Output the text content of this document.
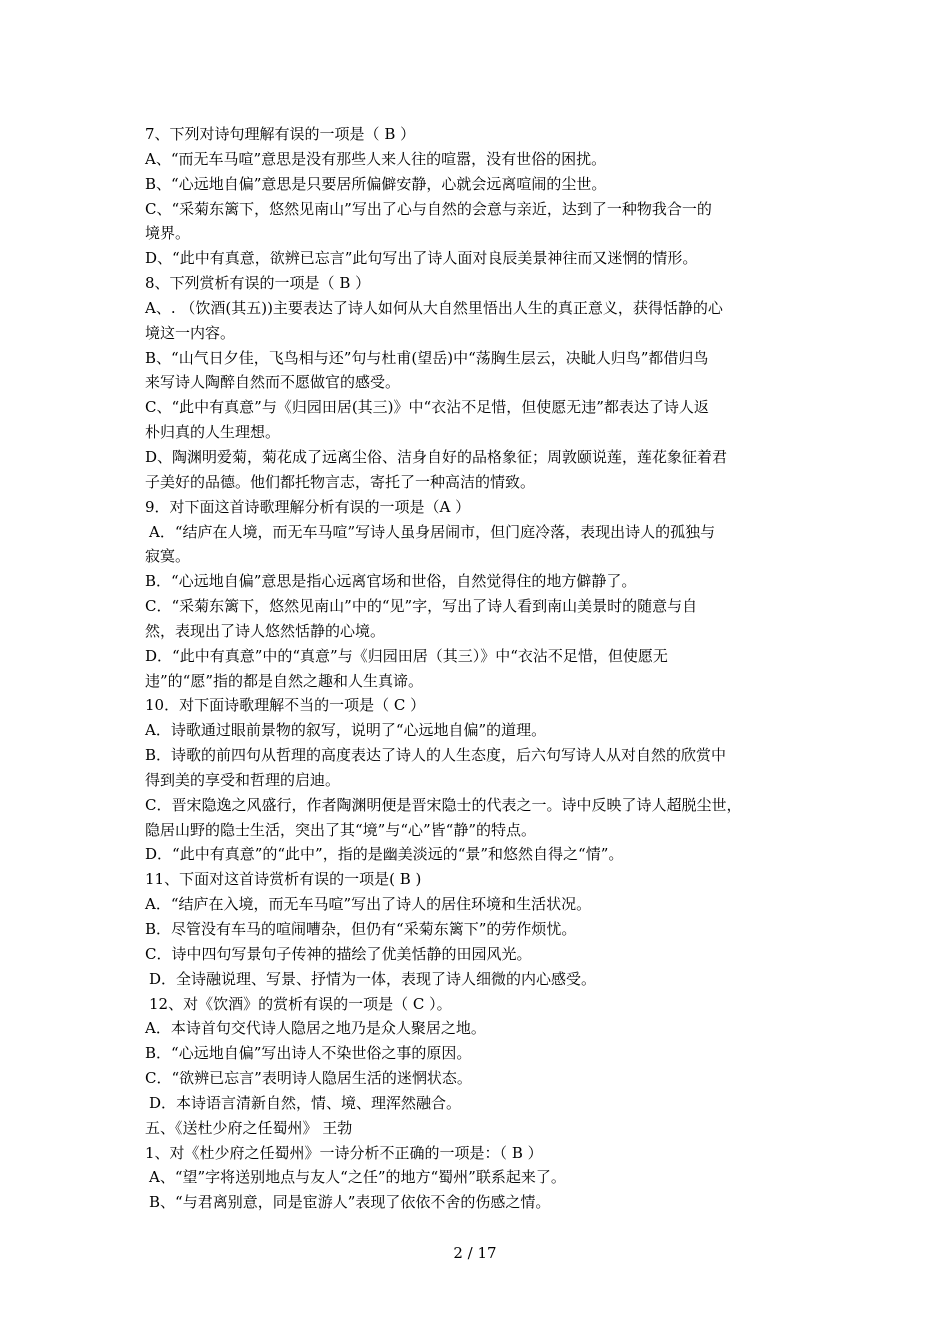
7、下列对诗句理解有误的一项是（ B ）
A、“而无车马喧”意思是没有那些人来人往的喧嚣，没有世俗的困扰。
B、“心远地自偏”意思是只要居所偏僻安静，心就会远离喧闹的尘世。
C、“采菊东篱下，悠然见南山”写出了心与自然的会意与亲近，达到了一种物我合一的
境界。
D、“此中有真意，欲辨已忘言”此句写出了诗人面对良辰美景神往而又迷惘的情形。
8、下列赏析有误的一项是（ B ）
A、. （饮酒(其五))主要表达了诗人如何从大自然里悟出人生的真正意义，获得恬静的心
境这一内容。
B、“山气日夕佳，飞鸟相与还”句与杜甫(望岳)中“荡胸生层云，决眦人归鸟”都借归鸟
来写诗人陶醉自然而不愿做官的感受。
C、“此中有真意”与《归园田居(其三)》中“衣沾不足惜，但使愿无违”都表达了诗人返
朴归真的人生理想。
D、陶渊明爱菊，菊花成了远离尘俗、洁身自好的品格象征；周敦颐说莲，莲花象征着君
子美好的品德。他们都托物言志，寄托了一种高洁的情致。
9．对下面这首诗歌理解分析有误的一项是（A ）
A．“结庐在人境，而无车马喧”写诗人虽身居闹市，但门庭冷落，表现出诗人的孤独与
寂寞。
B．“心远地自偏”意思是指心远离官场和世俗，自然觉得住的地方僻静了。
C．“采菊东篱下，悠然见南山”中的“见”字，写出了诗人看到南山美景时的随意与自
然，表现出了诗人悠然恬静的心境。
D．“此中有真意”中的“真意”与《归园田居（其三）》中“衣沾不足惜，但使愿无
违”的“愿”指的都是自然之趣和人生真谛。
10．对下面诗歌理解不当的一项是（ C ）
A．诗歌通过眼前景物的叙写，说明了“心远地自偏”的道理。
B．诗歌的前四句从哲理的高度表达了诗人的人生态度，后六句写诗人从对自然的欣赏中
得到美的享受和哲理的启迪。
C．晋宋隐逸之风盛行，作者陶渊明便是晋宋隐士的代表之一。诗中反映了诗人超脱尘世，
隐居山野的隐士生活，突出了其“境”与“心”皆“静”的特点。
D．“此中有真意”的“此中”，指的是幽美淡远的“景”和悠然自得之“情”。
11、下面对这首诗赏析有误的一项是( B )
A．“结庐在入境，而无车马喧”写出了诗人的居住环境和生活状况。
B．尽管没有车马的喧闹嘈杂，但仍有“采菊东篱下”的劳作烦忧。
C．诗中四句写景句子传神的描绘了优美恬静的田园风光。
D．全诗融说理、写景、抒情为一体，表现了诗人细微的内心感受。
12、对《饮酒》的赏析有误的一项是（ C ）。
A．本诗首句交代诗人隐居之地乃是众人聚居之地。
B．“心远地自偏”写出诗人不染世俗之事的原因。
C．“欲辨已忘言”表明诗人隐居生活的迷惘状态。
D．本诗语言清新自然，情、境、理浑然融合。
五、《送杜少府之任蜀州》 王勃
1、对《杜少府之任蜀州》一诗分析不正确的一项是：（ B ）
A、“望”字将送别地点与友人“之任”的地方“蜀州”联系起来了。
B、“与君离别意，同是宦游人”表现了依依不舍的伤感之情。
2 / 17
